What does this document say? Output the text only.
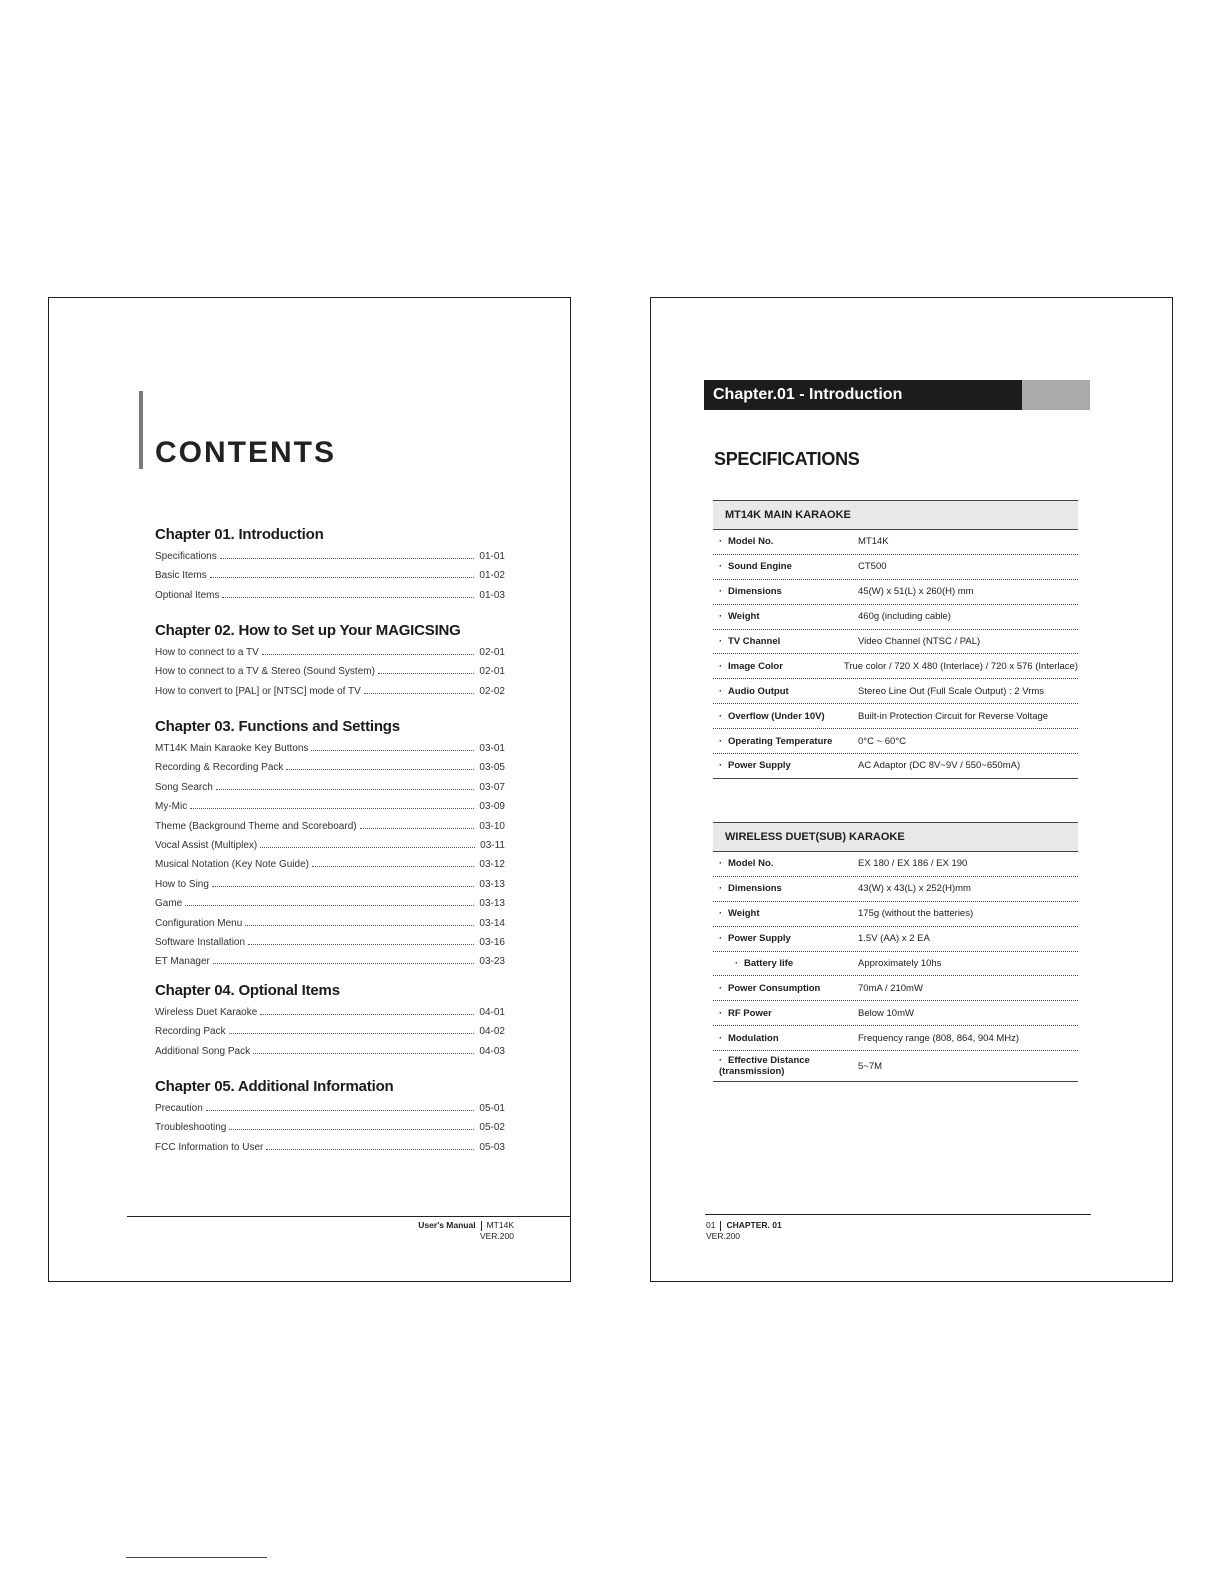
CONTENTS
Chapter 01. Introduction
Specifications	01-01
Basic Items	01-02
Optional Items	01-03
Chapter 02. How to Set up Your MAGICSING
How to connect to a TV	02-01
How to connect to a TV & Stereo (Sound System)	02-01
How to convert to [PAL] or [NTSC] mode of TV	02-02
Chapter 03. Functions and Settings
MT14K Main Karaoke Key Buttons	03-01
Recording & Recording Pack	03-05
Song Search	03-07
My-Mic	03-09
Theme (Background Theme and Scoreboard)	03-10
Vocal Assist (Multiplex)	03-11
Musical Notation (Key Note Guide)	03-12
How to Sing	03-13
Game	03-13
Configuration Menu	03-14
Software Installation	03-16
ET Manager	03-23
Chapter 04. Optional Items
Wireless Duet Karaoke	04-01
Recording Pack	04-02
Additional Song Pack	04-03
Chapter 05. Additional Information
Precaution	05-01
Troubleshooting	05-02
FCC Information to User	05-03
User's Manual MT14K
VER.200
Chapter.01 - Introduction
SPECIFICATIONS
MT14K MAIN KARAOKE
· Model No.	MT14K
· Sound Engine	CT500
· Dimensions	45(W) x 51(L) x 260(H) mm
· Weight	460g (including cable)
· TV Channel	Video Channel (NTSC / PAL)
· Image Color	True color / 720 X 480 (Interlace) / 720 x 576 (Interlace)
· Audio Output	Stereo Line Out (Full Scale Output) : 2 Vrms
· Overflow (Under 10V)	Built-in Protection Circuit for Reverse Voltage
· Operating Temperature	0°C ~ 60°C
· Power Supply	AC Adaptor (DC 8V~9V / 550~650mA)
WIRELESS DUET(SUB) KARAOKE
· Model No.	EX 180 / EX 186 / EX 190
· Dimensions	43(W) x 43(L) x 252(H)mm
· Weight	175g (without the batteries)
· Power Supply	1.5V (AA) x 2 EA
· Battery life	Approximately 10hs
· Power Consumption	70mA / 210mW
· RF Power	Below 10mW
· Modulation	Frequency range (808, 864, 904 MHz)
· Effective Distance (transmission)	5~7M
01 CHAPTER. 01
VER.200
